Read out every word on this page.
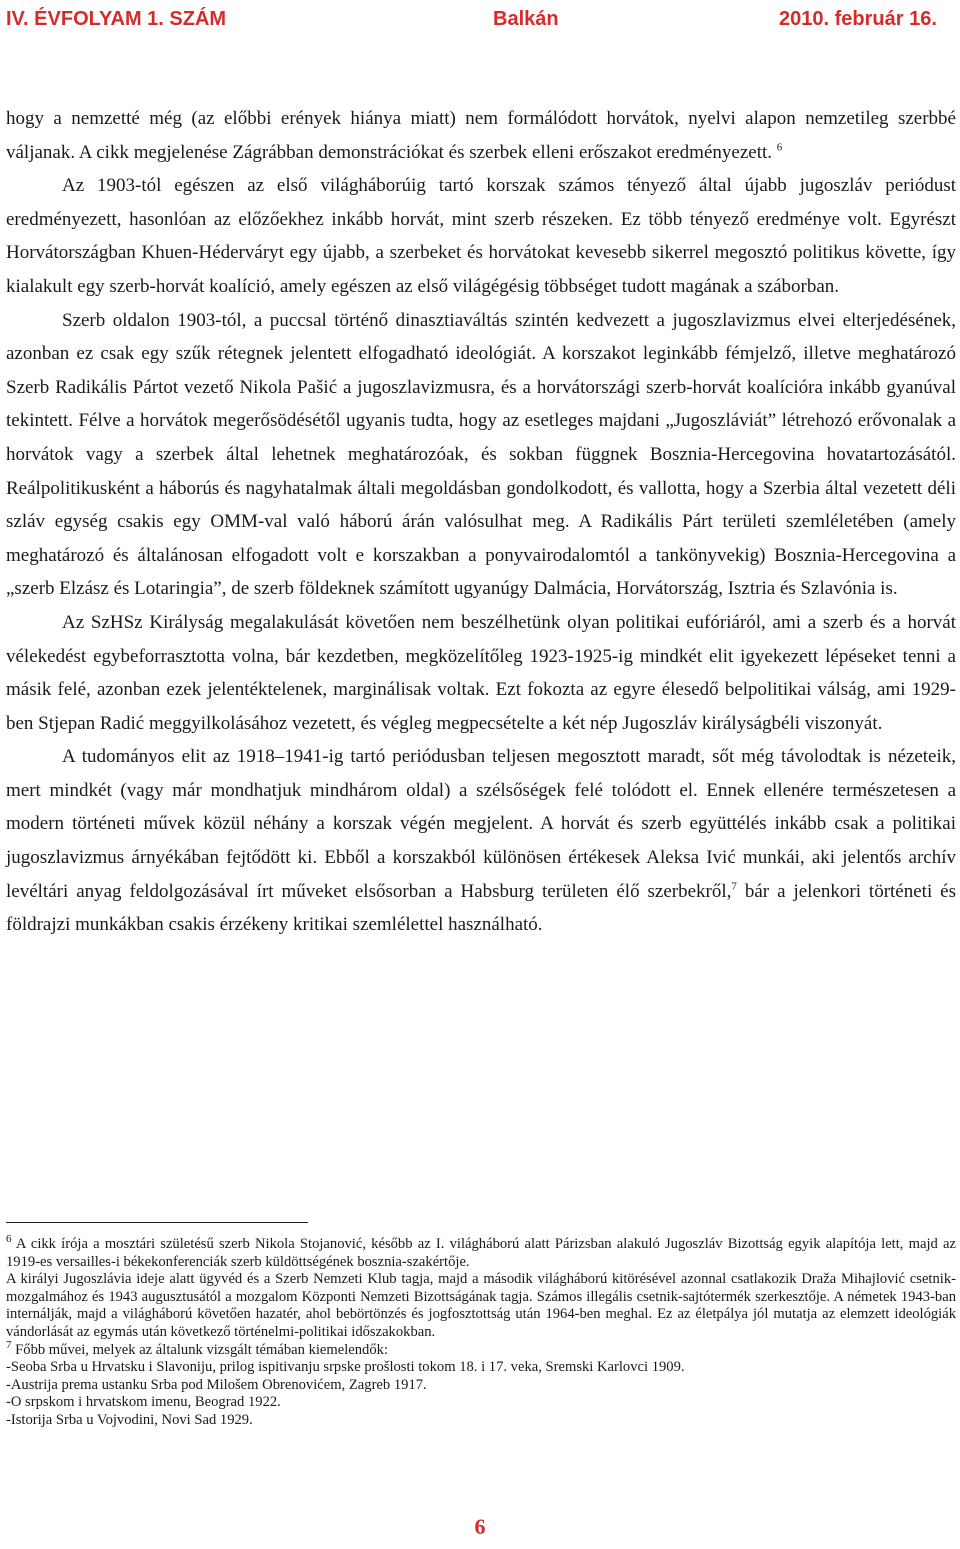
IV. ÉVFOLYAM 1. SZÁM	Balkán	2010. február 16.

hogy a nemzetté még (az előbbi erények hiánya miatt) nem formálódott horvátok, nyelvi alapon nemzetileg szerbbé váljanak. A cikk megjelenése Zágrábban demonstrációkat és szerbek elleni erőszakot eredményezett. $^6$

Az 1903-tól egészen az első világháborúig tartó korszak számos tényező által újabb jugoszláv periódust eredményezett, hasonlóan az előzőekhez inkább horvát, mint szerb részeken. Ez több tényező eredménye volt. Egyrészt Horvátországban Khuen-Héderváryt egy újabb, a szerbeket és horvátokat kevesebb sikerrel megosztó politikus követte, így kialakult egy szerb-horvát koalíció, amely egészen az első világégésig többséget tudott magának a száborban.

Szerb oldalon 1903-tól, a puccsal történő dinasztiaváltás szintén kedvezett a jugoszlavizmus elvei elterjedésének, azonban ez csak egy szűk rétegnek jelentett elfogadható ideológiát. A korszakot leginkább fémjelző, illetve meghatározó Szerb Radikális Pártot vezető Nikola Pašić a jugoszlavizmusra, és a horvátországi szerb-horvát koalícióra inkább gyanúval tekintett. Félve a horvátok megerősödésétől ugyanis tudta, hogy az esetleges majdani „Jugoszláviát” létrehozó erővonalak a horvátok vagy a szerbek által lehetnek meghatározóak, és sokban függnek Bosznia-Hercegovina hovatartozásától. Reálpolitikusként a háborús és nagyhatalmak általi megoldásban gondolkodott, és vallotta, hogy a Szerbia által vezetett déli szláv egység csakis egy OMM-val való háború árán valósulhat meg. A Radikális Párt területi szemléletében (amely meghatározó és általánosan elfogadott volt e korszakban a ponyvairodalomtól a tankönyvekig) Bosznia-Hercegovina a „szerb Elzász és Lotaringia”, de szerb földeknek számított ugyanúgy Dalmácia, Horvátország, Isztria és Szlavónia is.

Az SzHSz Királyság megalakulását követően nem beszélhetünk olyan politikai eufóriáról, ami a szerb és a horvát vélekedést egybeforrasztotta volna, bár kezdetben, megközelítőleg 1923-1925-ig mindkét elit igyekezett lépéseket tenni a másik felé, azonban ezek jelentéktelenek, marginálisak voltak. Ezt fokozta az egyre élesedő belpolitikai válság, ami 1929-ben Stjepan Radić meggyilkolásához vezetett, és végleg megpecsételte a két nép Jugoszláv királyságbéli viszonyát.

A tudományos elit az 1918–1941-ig tartó periódusban teljesen megosztott maradt, sőt még távolodtak is nézeteik, mert mindkét (vagy már mondhatjuk mindhárom oldal) a szélsőségek felé tolódott el. Ennek ellenére természetesen a modern történeti művek közül néhány a korszak végén megjelent. A horvát és szerb együttélés inkább csak a politikai jugoszlavizmus árnyékában fejtődött ki. Ebből a korszakból különösen értékesek Aleksa Ivić munkái, aki jelentős archív levéltári anyag feldolgozásával írt műveket elsősorban a Habsburg területen élő szerbekről,$^7$ bár a jelenkori történeti és földrajzi munkákban csakis érzékeny kritikai szemlélettel használható.

$^6$ A cikk írója a mosztári születésű szerb Nikola Stojanović, később az I. világháború alatt Párizsban alakuló Jugoszláv Bizottság egyik alapítója lett, majd az 1919-es versailles-i békekonferenciák szerb küldöttségének bosznia-szakértője.

A királyi Jugoszlávia ideje alatt ügyvéd és a Szerb Nemzeti Klub tagja, majd a második világháború kitörésével azonnal csatlakozik Draža Mihajlović csetnik-mozgalmához és 1943 augusztusától a mozgalom Központi Nemzeti Bizottságának tagja. Számos illegális csetnik-sajtótermék szerkesztője. A németek 1943-ban internálják, majd a világháború követően hazatér, ahol bebörtönzés és jogfosztottság után 1964-ben meghal. Ez az életpálya jól mutatja az elemzett ideológiák vándorlását az egymás után következő történelmi-politikai időszakokban.

$^7$ Főbb művei, melyek az általunk vizsgált témában kiemelendők:

-Seoba Srba u Hrvatsku i Slavoniju, prilog ispitivanju srpske prošlosti tokom 18. i 17. veka, Sremski Karlovci 1909.

-Austrija prema ustanku Srba pod Milošem Obrenovićem, Zagreb 1917.

-O srpskom i hrvatskom imenu, Beograd 1922.

-Istorija Srba u Vojvodini, Novi Sad 1929.

6
